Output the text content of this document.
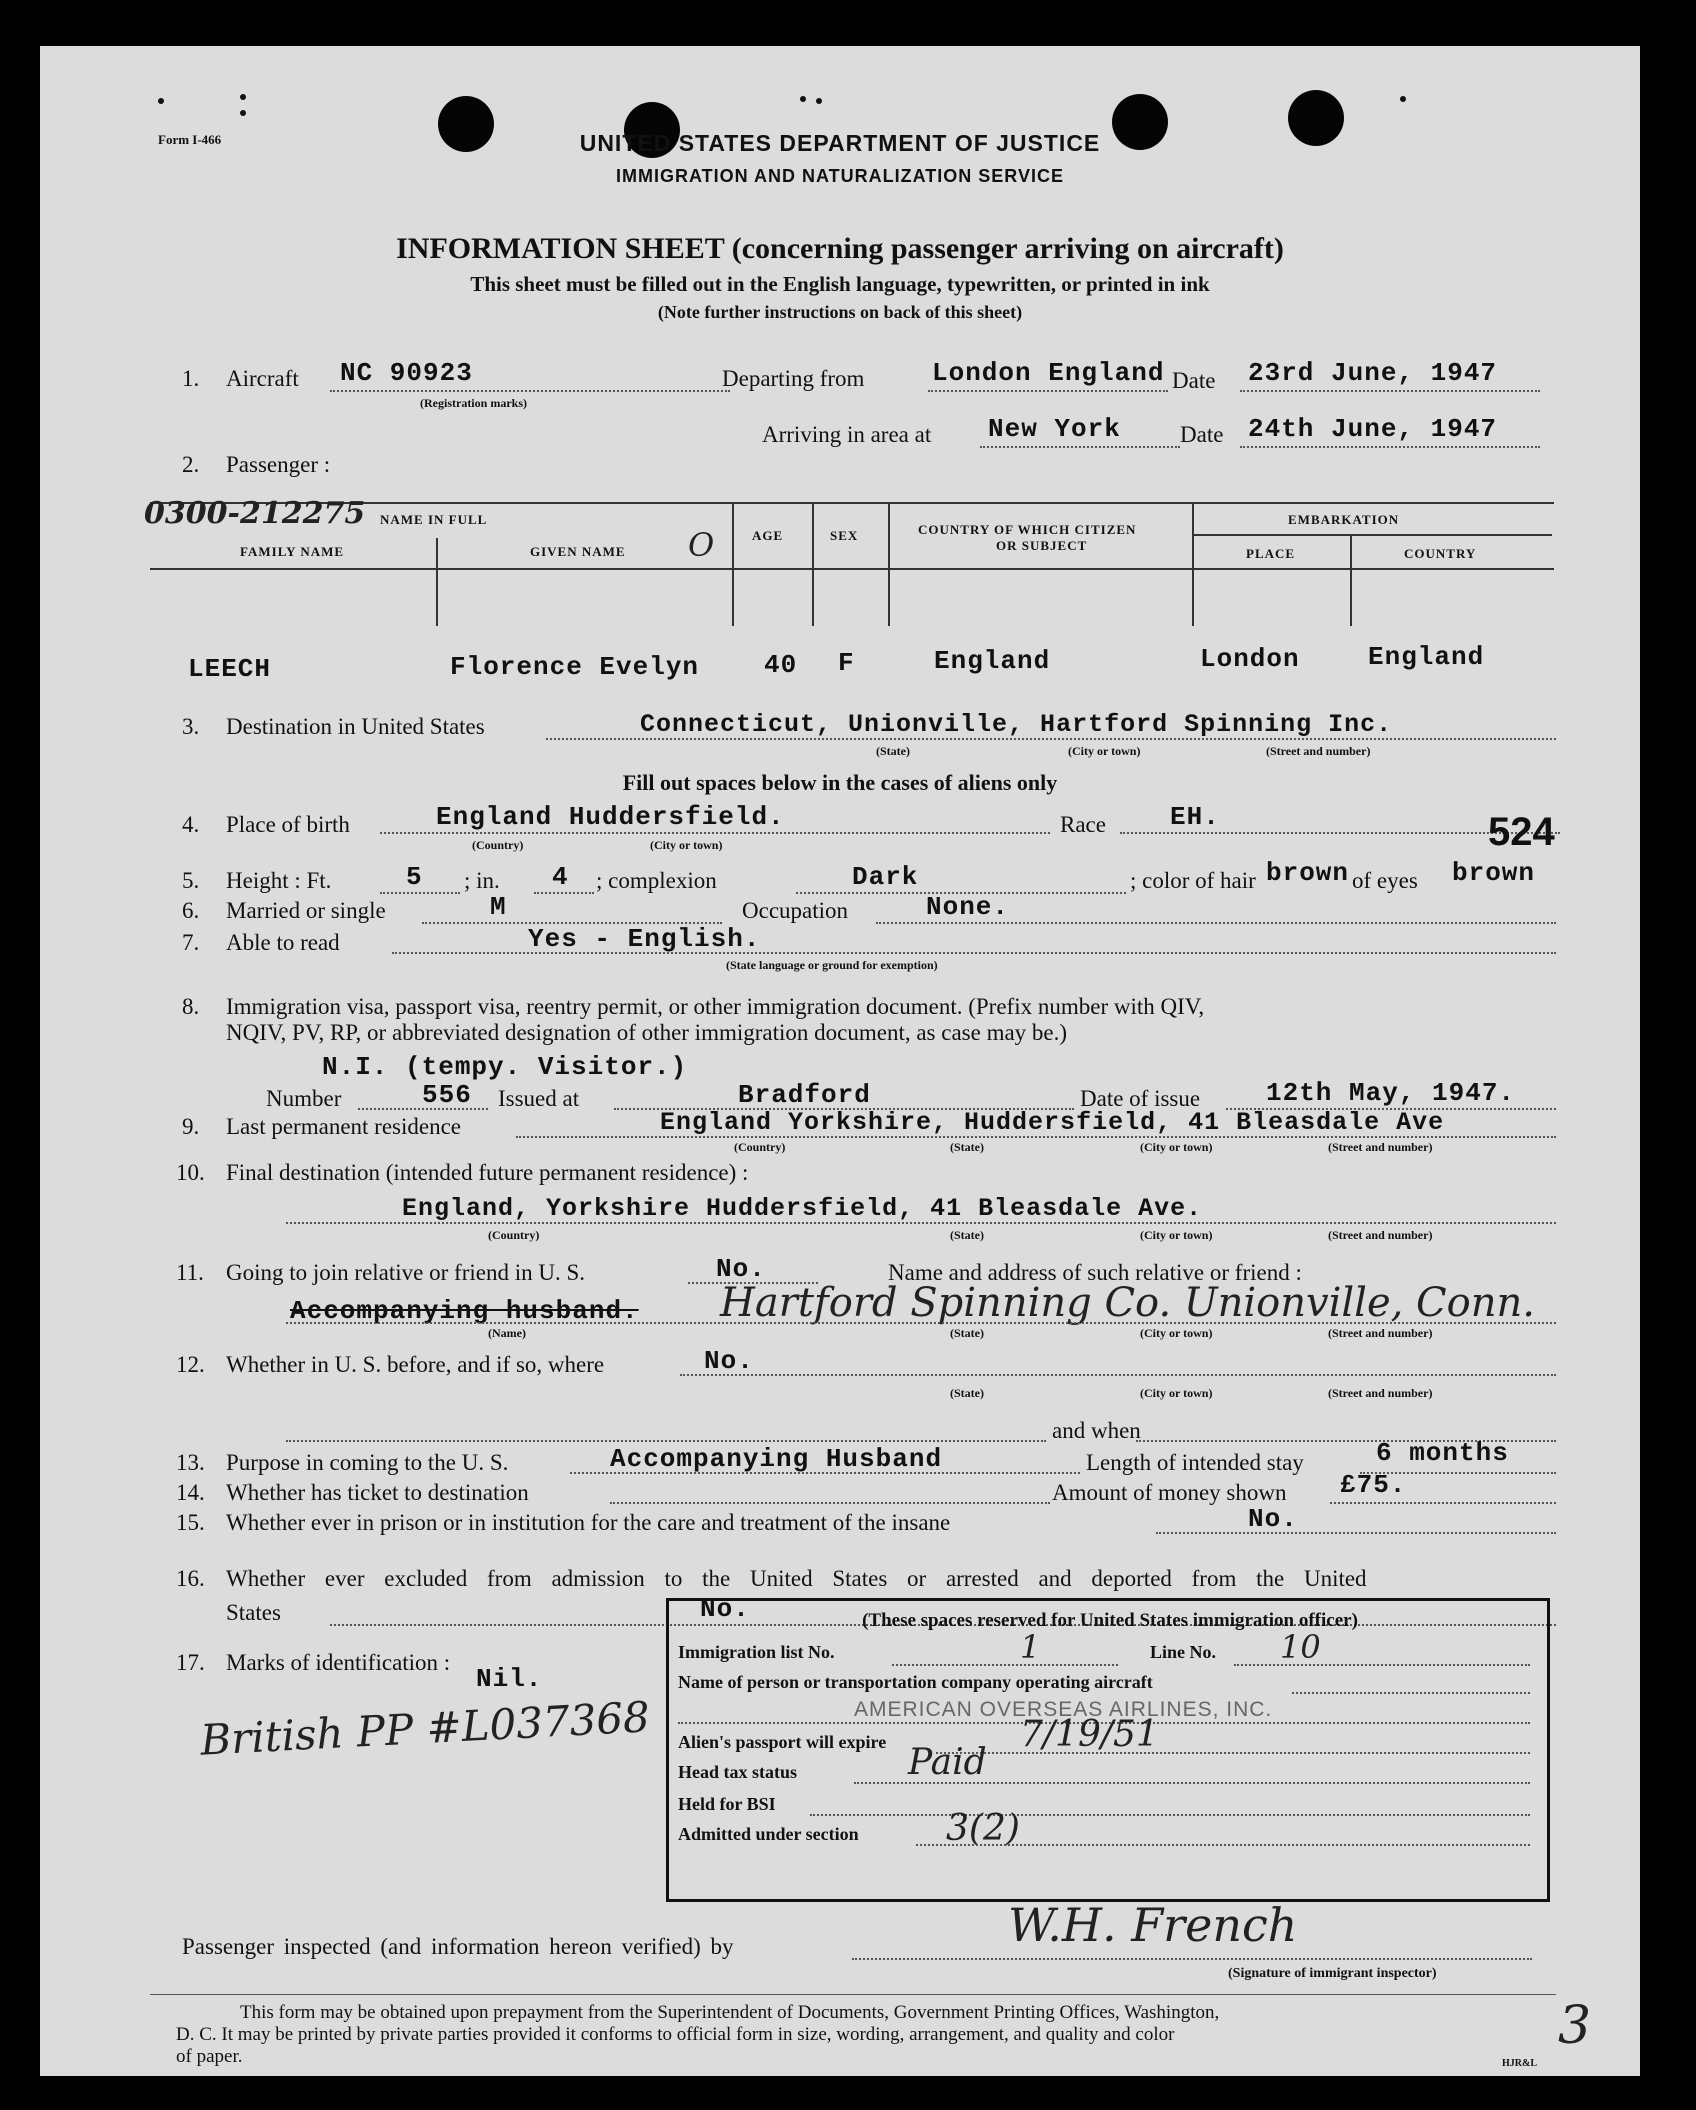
Form I-466	UNITED STATES DEPARTMENT OF JUSTICE
IMMIGRATION AND NATURALIZATION SERVICE
INFORMATION SHEET (concerning passenger arriving on aircraft)
This sheet must be filled out in the English language, typewritten, or printed in ink
(Note further instructions on back of this sheet)
1. Aircraft NC 90923
(Registration marks)
Departing from	London England Date 23rd June, 1947
Arriving in area at New York	Date 24th June, 1947
2. Passenger :
0300-212275 NAME IN FULL
FAMILY NAME	GIVEN NAME O	AGE	SEX	COUNTRY OF WHICH CITIZEN
OR SUBJECT
EMBARKATION
PLACE	COUNTRY
LEECH	Florence Evelyn 40 F	England	London	England
3. Destination in United States	Connecticut, Unionville, Hartford Spinning Inc.
(State)	(City or town)	(Street and number)
Fill out spaces below in the cases of aliens only
4. Place of birth	England Huddersfield.
(Country)	(City or town)
Race EH.	524
5. Height : Ft.	5 ; in. 4 ; complexion	Dark	; color of hair brown of eyes brown
6. Married or single	M	Occupation	None.
7. Able to read	Yes - English.
(State language or ground for exemption)
8. Immigration visa, passport visa, reentry permit, or other immigration document. (Prefix number with QIV,
NQIV, PV, RP, or abbreviated designation of other immigration document, as case may be.)
N.I. (tempy. Visitor.)
Number	556 Issued at	Bradford	Date of issue	12th May, 1947.
9. Last permanent residence	England Yorkshire, Huddersfield, 41 Bleasdale Ave
(Country)	(State)	(City or town)	(Street and number)
10. Final destination (intended future permanent residence) :
England, Yorkshire Huddersfield, 41 Bleasdale Ave.
(Country)	(State)	(City or town)	(Street and number)
11. Going to join relative or friend in U. S.	No.	Name and address of such relative or friend :
Accompanying husband. Hartford Spinning Co. Unionville, Conn.
(Name)	(State)	(City or town)	(Street and number)
12. Whether in U. S. before, and if so, where	No.
(State)	(City or town)	(Street and number)
and when
13. Purpose in coming to the U. S.	Accompanying Husband	Length of intended stay	6 months
14. Whether has ticket to destination	Amount of money shown £75.
15. Whether ever in prison or in institution for the care and treatment of the insane	No.
16. Whether ever excluded from admission to the United States or arrested and deported from the United
States	No.
17. Marks of identification :
Nil.
British PP #L037368
(These spaces reserved for United States immigration officer)
Immigration list No.	1	Line No. 10
Name of person or transportation company operating aircraft
AMERICAN OVERSEAS AIRLINES, INC.
Alien's passport will expire	7/19/51
Head tax status	Paid
Held for BSI
Admitted under section 3(2)
Passenger inspected (and information hereon verified) by	W.H. French
(Signature of immigrant inspector)
This form may be obtained upon prepayment from the Superintendent of Documents, Government Printing Offices, Washington,
D. C. It may be printed by private parties provided it conforms to official form in size, wording, arrangement, and quality and color
of paper.
3
HJR&L
